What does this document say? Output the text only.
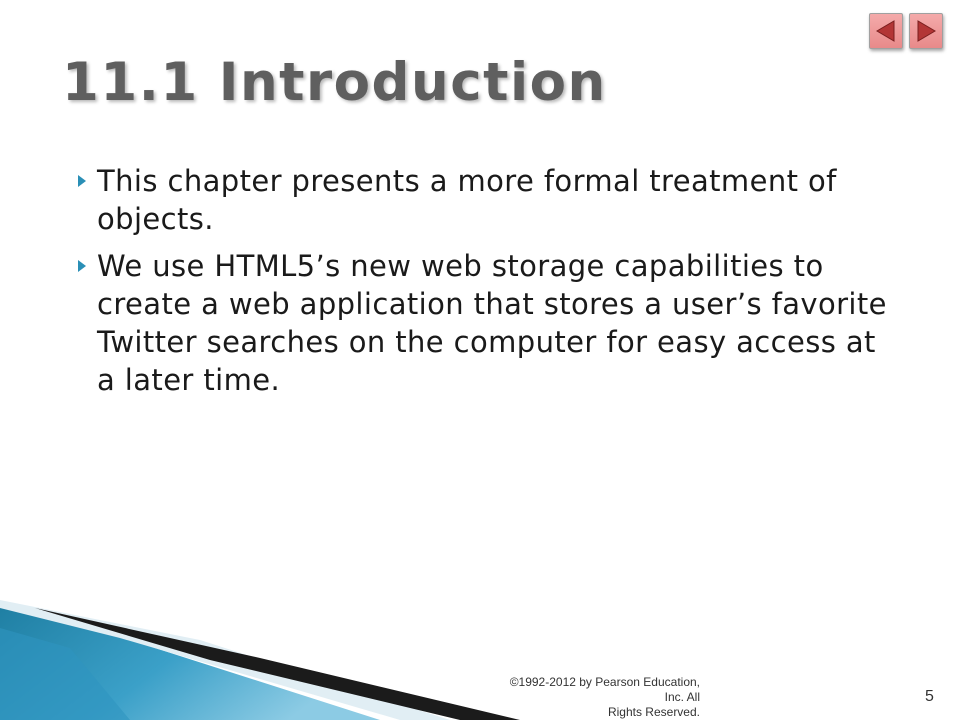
11.1 Introduction
This chapter presents a more formal treatment of objects.
We use HTML5’s new web storage capabilities to create a web application that stores a user’s favorite Twitter searches on the computer for easy access at a later time.
©1992-2012 by Pearson Education, Inc. All
Rights Reserved.
5
